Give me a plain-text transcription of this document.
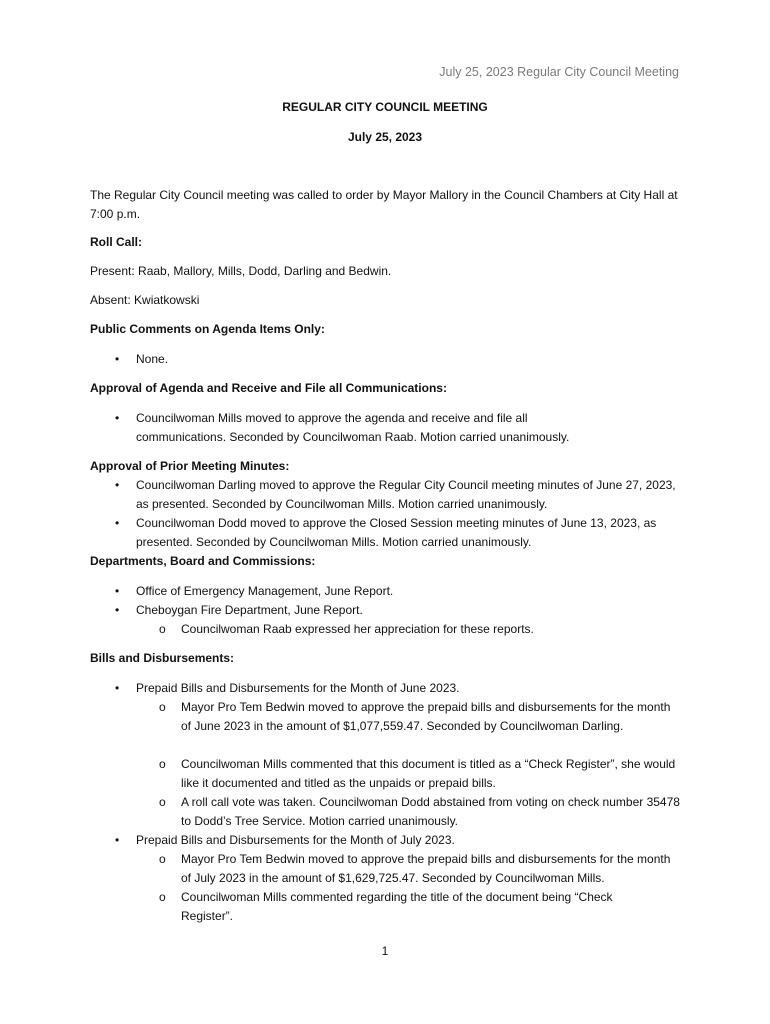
July 25, 2023 Regular City Council Meeting
REGULAR CITY COUNCIL MEETING
July 25, 2023
The Regular City Council meeting was called to order by Mayor Mallory in the Council Chambers at City Hall at 7:00 p.m.
Roll Call:
Present: Raab, Mallory, Mills, Dodd, Darling and Bedwin.
Absent: Kwiatkowski
Public Comments on Agenda Items Only:
• None.
Approval of Agenda and Receive and File all Communications:
• Councilwoman Mills moved to approve the agenda and receive and file all communications. Seconded by Councilwoman Raab. Motion carried unanimously.
Approval of Prior Meeting Minutes:
• Councilwoman Darling moved to approve the Regular City Council meeting minutes of June 27, 2023, as presented. Seconded by Councilwoman Mills. Motion carried unanimously.
• Councilwoman Dodd moved to approve the Closed Session meeting minutes of June 13, 2023, as presented. Seconded by Councilwoman Mills. Motion carried unanimously.
Departments, Board and Commissions:
• Office of Emergency Management, June Report.
• Cheboygan Fire Department, June Report.
o Councilwoman Raab expressed her appreciation for these reports.
Bills and Disbursements:
• Prepaid Bills and Disbursements for the Month of June 2023.
o Mayor Pro Tem Bedwin moved to approve the prepaid bills and disbursements for the month of June 2023 in the amount of $1,077,559.47. Seconded by Councilwoman Darling.
o Councilwoman Mills commented that this document is titled as a “Check Register”, she would like it documented and titled as the unpaids or prepaid bills.
o A roll call vote was taken. Councilwoman Dodd abstained from voting on check number 35478 to Dodd’s Tree Service. Motion carried unanimously.
• Prepaid Bills and Disbursements for the Month of July 2023.
o Mayor Pro Tem Bedwin moved to approve the prepaid bills and disbursements for the month of July 2023 in the amount of $1,629,725.47. Seconded by Councilwoman Mills.
o Councilwoman Mills commented regarding the title of the document being “Check Register”.
1
